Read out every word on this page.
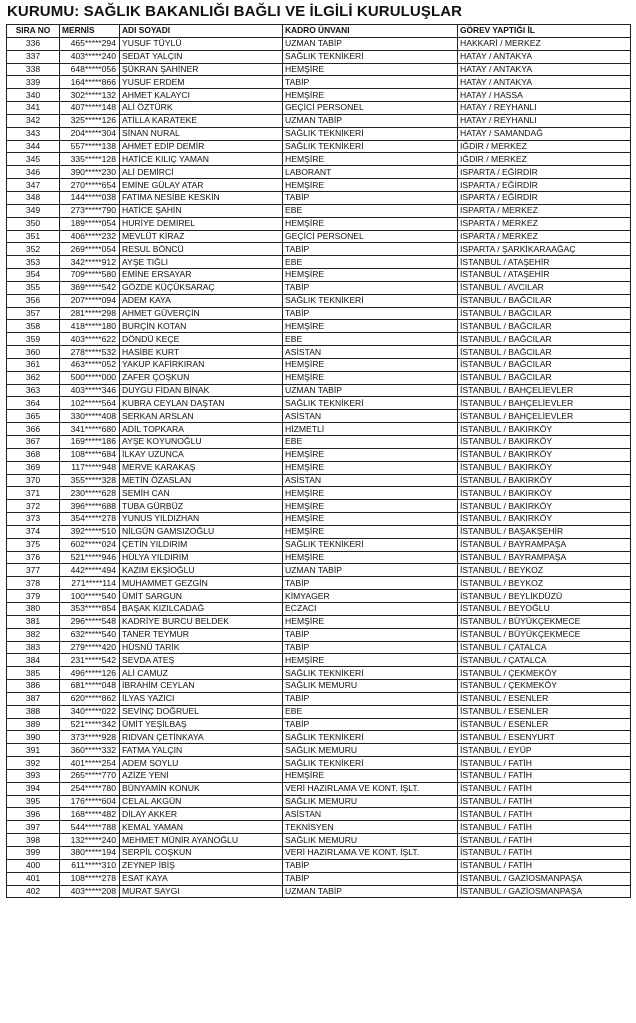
KURUMU: SAĞLIK BAKANLIĞI BAĞLI VE İLGİLİ KURULUŞLAR
SIRA NO	MERNİS	ADI SOYADI	KADRO ÜNVANI	GÖREV YAPTIĞI İL
336	465*****294	YUSUF TÜYLÜ	UZMAN TABİP	HAKKARİ / MERKEZ
337	403*****240	SEDAT YALÇIN	SAĞLIK TEKNİKERİ	HATAY / ANTAKYA
338	648*****056	ŞÜKRAN ŞAHİNER	HEMŞİRE	HATAY / ANTAKYA
339	164*****866	YUSUF ERDEM	TABİP	HATAY / ANTAKYA
340	302*****132	AHMET KALAYCI	HEMŞİRE	HATAY / HASSA
341	407*****148	ALİ ÖZTÜRK	GEÇİCİ PERSONEL	HATAY / REYHANLI
342	325*****126	ATİLLA KARATEKE	UZMAN TABİP	HATAY / REYHANLI
343	204*****304	SİNAN NURAL	SAĞLIK TEKNİKERİ	HATAY / SAMANDAĞ
344	557*****138	AHMET EDİP DEMİR	SAĞLIK TEKNİKERİ	IĞDIR / MERKEZ
345	335*****128	HATİCE KILIÇ YAMAN	HEMŞİRE	IĞDIR / MERKEZ
346	390*****230	ALİ DEMİRCİ	LABORANT	ISPARTA / EĞİRDİR
347	270*****654	EMİNE GÜLAY ATAR	HEMŞİRE	ISPARTA / EĞİRDİR
348	144*****038	FATIMA NESİBE KESKİN	TABİP	ISPARTA / EĞİRDİR
349	273*****790	HATİCE ŞAHİN	EBE	ISPARTA / MERKEZ
350	189*****054	HURİYE DEMİREL	HEMŞİRE	ISPARTA / MERKEZ
351	406*****232	MEVLÜT KİRAZ	GEÇİCİ PERSONEL	ISPARTA / MERKEZ
352	269*****054	RESUL BÖNCÜ	TABİP	ISPARTA / ŞARKİKARAAĞAÇ
353	342*****912	AYŞE TIĞLI	EBE	İSTANBUL / ATAŞEHİR
354	709*****580	EMİNE ERSAYAR	HEMŞİRE	İSTANBUL / ATAŞEHİR
355	369*****542	GÖZDE KÜÇÜKSARAÇ	TABİP	İSTANBUL / AVCILAR
356	207*****094	ADEM KAYA	SAĞLIK TEKNİKERİ	İSTANBUL / BAĞCILAR
357	281*****298	AHMET GÜVERÇİN	TABİP	İSTANBUL / BAĞCILAR
358	418*****180	BURÇİN KOTAN	HEMŞİRE	İSTANBUL / BAĞCILAR
359	403*****622	DÖNDÜ KEÇE	EBE	İSTANBUL / BAĞCILAR
360	278*****532	HASİBE KURT	ASİSTAN	İSTANBUL / BAĞCILAR
361	463*****052	YAKUP KAFİRKIRAN	HEMŞİRE	İSTANBUL / BAĞCILAR
362	500*****000	ZAFER ÇOŞKUN	HEMŞİRE	İSTANBUL / BAĞCILAR
363	403*****346	DUYGU FİDAN BİNAK	UZMAN TABİP	İSTANBUL / BAHÇELİEVLER
364	102*****564	KUBRA CEYLAN DAŞTAN	SAĞLIK TEKNİKERİ	İSTANBUL / BAHÇELİEVLER
365	330*****408	SERKAN ARSLAN	ASİSTAN	İSTANBUL / BAHÇELİEVLER
366	341*****680	ADİL TOPKARA	HİZMETLİ	İSTANBUL / BAKIRKÖY
367	169*****186	AYŞE KOYUNOĞLU	EBE	İSTANBUL / BAKIRKÖY
368	108*****684	İLKAY UZUNCA	HEMŞİRE	İSTANBUL / BAKIRKÖY
369	117*****948	MERVE KARAKAŞ	HEMŞİRE	İSTANBUL / BAKIRKÖY
370	355*****328	METİN ÖZASLAN	ASİSTAN	İSTANBUL / BAKIRKÖY
371	230*****628	SEMİH CAN	HEMŞİRE	İSTANBUL / BAKIRKÖY
372	396*****688	TUBA GÜRBÜZ	HEMŞİRE	İSTANBUL / BAKIRKÖY
373	354*****278	YUNUS YILDIZHAN	HEMŞİRE	İSTANBUL / BAKIRKÖY
374	392*****510	NİLGÜN GAMSIZOĞLU	HEMŞİRE	İSTANBUL / BAŞAKŞEHİR
375	602*****024	ÇETİN YILDIRIM	SAĞLIK TEKNİKERİ	İSTANBUL / BAYRAMPAŞA
376	521*****946	HÜLYA YILDIRIM	HEMŞİRE	İSTANBUL / BAYRAMPAŞA
377	442*****494	KAZIM EKŞİOĞLU	UZMAN TABİP	İSTANBUL / BEYKOZ
378	271*****114	MUHAMMET GEZGİN	TABİP	İSTANBUL / BEYKOZ
379	100*****540	ÜMİT SARGUN	KİMYAGER	İSTANBUL / BEYLİKDÜZÜ
380	353*****854	BAŞAK KIZILCADAĞ	ECZACI	İSTANBUL / BEYOĞLU
381	296*****548	KADRİYE BURCU BELDEK	HEMŞİRE	İSTANBUL / BÜYÜKÇEKMECE
382	632*****540	TANER TEYMUR	TABİP	İSTANBUL / BÜYÜKÇEKMECE
383	279*****420	HÜSNÜ TARİK	TABİP	İSTANBUL / ÇATALCA
384	231*****542	SEVDA ATEŞ	HEMŞİRE	İSTANBUL / ÇATALCA
385	496*****126	ALİ CAMUZ	SAĞLIK TEKNİKERİ	İSTANBUL / ÇEKMEKÖY
386	681*****048	İBRAHİM CEYLAN	SAĞLIK MEMURU	İSTANBUL / ÇEKMEKÖY
387	620*****862	İLYAS YAZICI	TABİP	İSTANBUL / ESENLER
388	340*****022	SEVİNÇ DOĞRUEL	EBE	İSTANBUL / ESENLER
389	521*****342	ÜMİT YEŞİLBAŞ	TABİP	İSTANBUL / ESENLER
390	373*****928	RIDVAN ÇETİNKAYA	SAĞLIK TEKNİKERİ	İSTANBUL / ESENYURT
391	360*****332	FATMA YALÇIN	SAĞLIK MEMURU	İSTANBUL / EYÜP
392	401*****254	ADEM SOYLU	SAĞLIK TEKNİKERİ	İSTANBUL / FATİH
393	265*****770	AZİZE YENİ	HEMŞİRE	İSTANBUL / FATİH
394	254*****780	BÜNYAMİN KONUK	VERİ HAZIRLAMA VE KONT. İŞLT.	İSTANBUL / FATİH
395	176*****604	CELAL AKGÜN	SAĞLIK MEMURU	İSTANBUL / FATİH
396	168*****482	DİLAY AKKER	ASİSTAN	İSTANBUL / FATİH
397	544*****788	KEMAL YAMAN	TEKNİSYEN	İSTANBUL / FATİH
398	132*****240	MEHMET MÜNİR AYANOĞLU	SAĞLIK MEMURU	İSTANBUL / FATİH
399	380*****194	SERPİL COŞKUN	VERİ HAZIRLAMA VE KONT. İŞLT.	İSTANBUL / FATİH
400	611*****310	ZEYNEP İBİŞ	TABİP	İSTANBUL / FATİH
401	108*****278	ESAT KAYA	TABİP	İSTANBUL / GAZİOSMANPAŞA
402	403*****208	MURAT SAYGI	UZMAN TABİP	İSTANBUL / GAZİOSMANPAŞA
